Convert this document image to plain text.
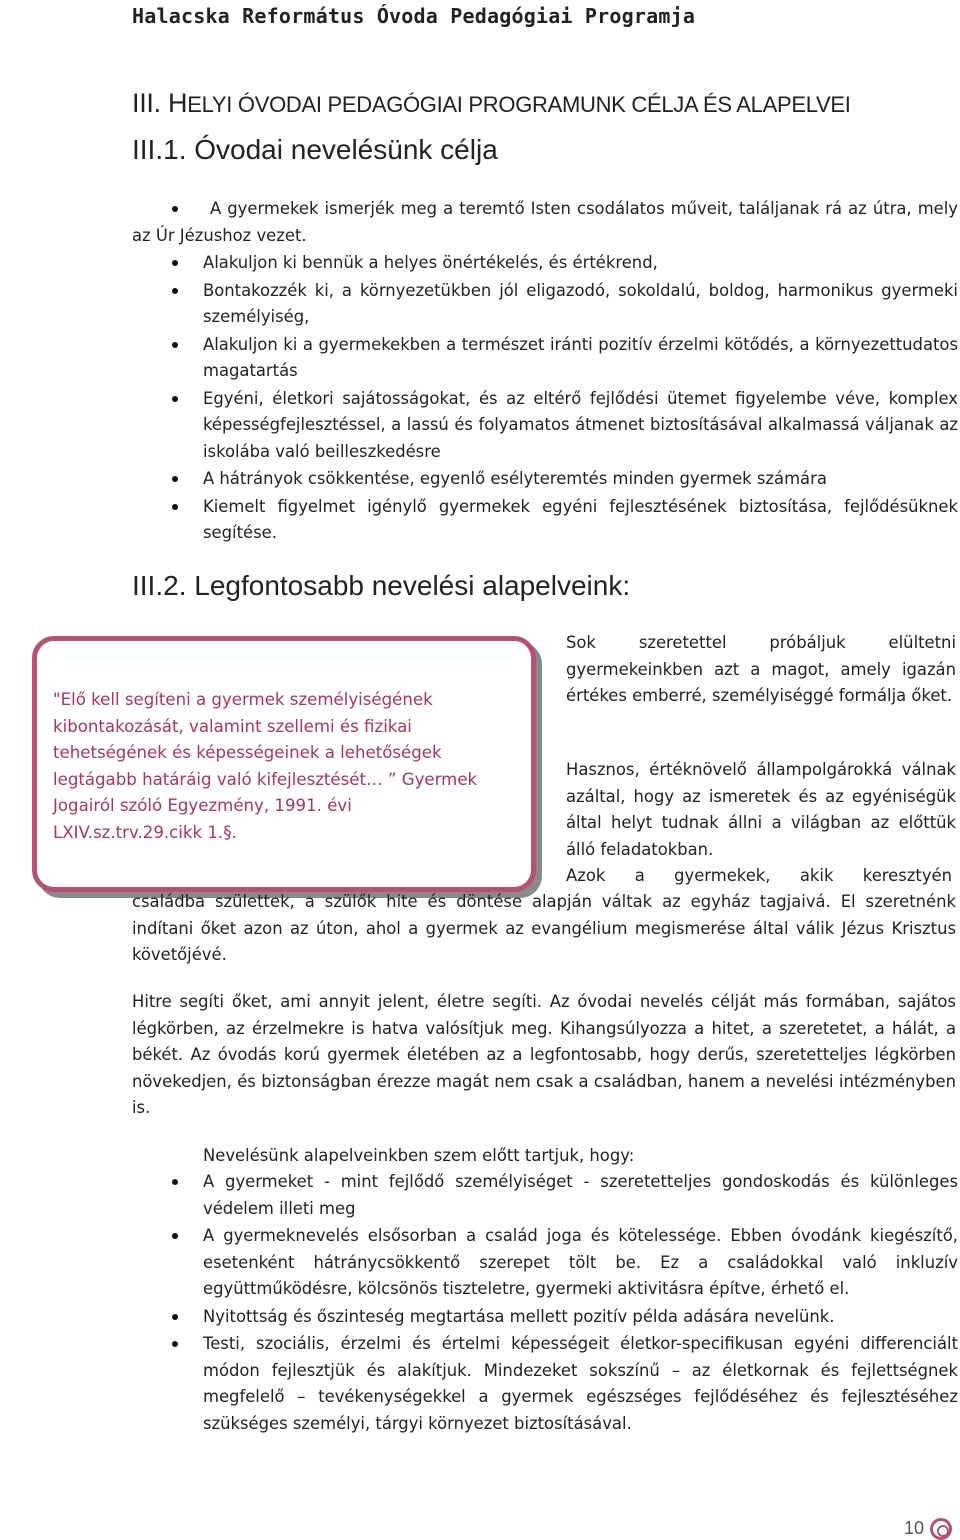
Halacska Református Óvoda Pedagógiai Programja
III. HELYI ÓVODAI PEDAGÓGIAI PROGRAMUNK CÉLJA ÉS ALAPELVEI
III.1. Óvodai nevelésünk célja
A gyermekek ismerjék meg a teremtő Isten csodálatos műveit, találjanak rá az útra, mely az Úr Jézushoz vezet.
Alakuljon ki bennük a helyes önértékelés, és értékrend,
Bontakozzék ki, a környezetükben jól eligazodó, sokoldalú, boldog, harmonikus gyermeki személyiség,
Alakuljon ki a gyermekekben a természet iránti pozitív érzelmi kötődés, a környezettudatos magatartás
Egyéni, életkori sajátosságokat, és az eltérő fejlődési ütemet figyelembe véve, komplex képességfejlesztéssel, a lassú és folyamatos átmenet biztosításával alkalmassá váljanak az iskolába való beilleszkedésre
A hátrányok csökkentése, egyenlő esélyteremtés minden gyermek számára
Kiemelt figyelmet igénylő gyermekek egyéni fejlesztésének biztosítása, fejlődésüknek segítése.
III.2. Legfontosabb nevelési alapelveink:
"Elő kell segíteni a gyermek személyiségének kibontakozását, valamint szellemi és fizikai tehetségének és képességeinek a lehetőségek legtágabb határáig való kifejlesztését… ” Gyermek Jogairól szóló Egyezmény, 1991. évi LXIV.sz.trv.29.cikk 1.§.

Sok szeretettel próbáljuk elültetni gyermekeinkben azt a magot, amely igazán értékes emberré, személyiséggé formálja őket.

Hasznos, értéknövelő állampolgárokká válnak azáltal, hogy az ismeretek és az egyéniségük által helyt tudnak állni a világban az előttük álló feladatokban.

Azok a gyermekek, akik keresztyén

családba születtek, a szülők hite és döntése alapján váltak az egyház tagjaivá. El szeretnénk indítani őket azon az úton, ahol a gyermek az evangélium megismerése által válik Jézus Krisztus követőjévé.

Hitre segíti őket, ami annyit jelent, életre segíti. Az óvodai nevelés célját más formában, sajátos légkörben, az érzelmekre is hatva valósítjuk meg. Kihangsúlyozza a hitet, a szeretetet, a hálát, a békét. Az óvodás korú gyermek életében az a legfontosabb, hogy derűs, szeretetteljes légkörben növekedjen, és biztonságban érezze magát nem csak a családban, hanem a nevelési intézményben is.

Nevelésünk alapelveinkben szem előtt tartjuk, hogy:

A gyermeket - mint fejlődő személyiséget - szeretetteljes gondoskodás és különleges védelem illeti meg
A gyermeknevelés elsősorban a család joga és kötelessége. Ebben óvodánk kiegészítő, esetenként hátránycsökkentő szerepet tölt be. Ez a családokkal való inkluzív együttműködésre, kölcsönös tiszteletre, gyermeki aktivitásra építve, érhető el.
Nyitottság és őszinteség megtartása mellett pozitív példa adására nevelünk.
Testi, szociális, érzelmi és értelmi képességeit életkor-specifikusan egyéni differenciált módon fejlesztjük és alakítjuk. Mindezeket sokszínű – az életkornak és fejlettségnek megfelelő – tevékenységekkel a gyermek egészséges fejlődéséhez és fejlesztéséhez szükséges személyi, tárgyi környezet biztosításával.
10
